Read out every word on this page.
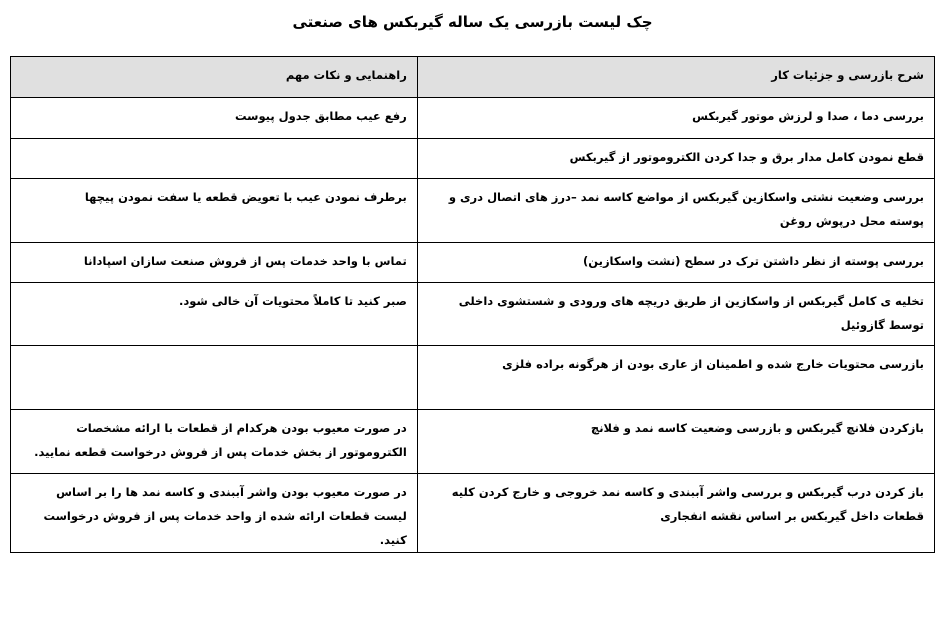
چک لیست بازرسی یک ساله گیربکس های صنعتی
شرح بازرسی و جزئیات کار	راهنمایی و نکات مهم
بررسی دما ، صدا و لرزش موتور گیربکس	رفع عیب مطابق جدول پیوست
قطع نمودن کامل مدار برق و جدا کردن الکتروموتور از گیربکس	
بررسی وضعیت نشتی واسکازین گیربکس از مواضع کاسه نمد –درز های اتصال دری و پوسته محل درپوش روغن	برطرف نمودن عیب با تعویض قطعه یا سفت نمودن پیچها
بررسی پوسته از نظر داشتن ترک در سطح (نشت واسکازین)	تماس با واحد خدمات پس از فروش صنعت سازان اسپادانا
تخلیه ی کامل گیربکس از واسکازین از طریق دریچه های ورودی و شستشوی داخلی توسط گازوئیل	صبر کنید تا کاملاً محتویات آن خالی شود.
بازرسی محتویات خارج شده و اطمینان از عاری بودن از هرگونه براده فلزی	
بازکردن فلانچ گیربکس و بازرسی وضعیت کاسه نمد و فلانچ	در صورت معیوب بودن هرکدام از قطعات با ارائه مشخصات الکتروموتور از بخش خدمات پس از فروش درخواست قطعه نمایید.
باز کردن درب گیربکس و بررسی واشر آببندی و کاسه نمد خروجی و خارج کردن کلیه قطعات داخل گیربکس بر اساس نقشه انفجاری	در صورت معیوب بودن واشر آببندی و کاسه نمد ها را بر اساس لیست قطعات ارائه شده از واحد خدمات پس از فروش درخواست کنید.
